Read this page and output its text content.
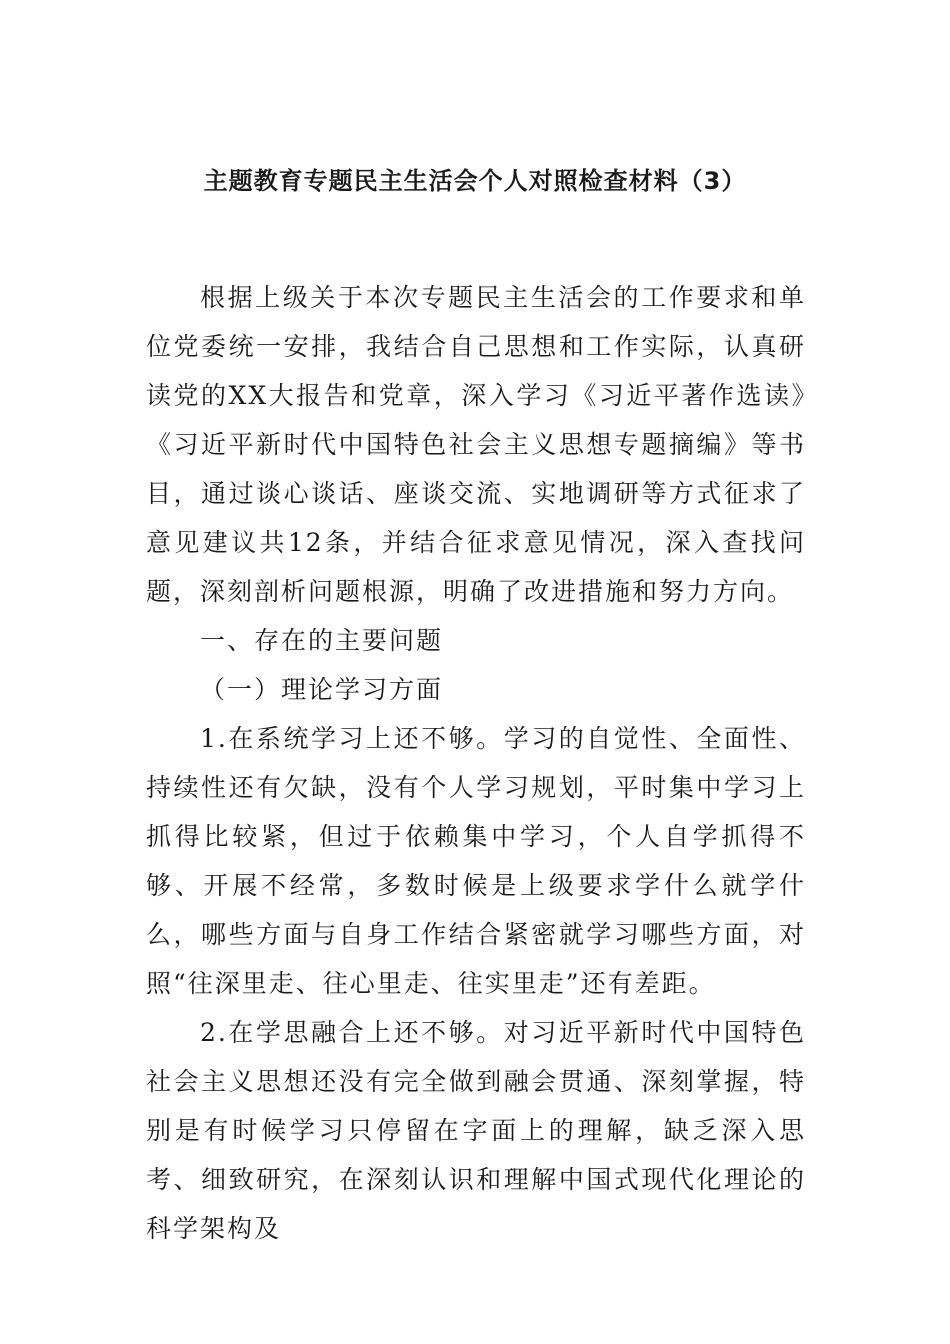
主题教育专题民主生活会个人对照检查材料（3）

根据上级关于本次专题民主生活会的工作要求和单位党委统一安排，我结合自己思想和工作实际，认真研读党的XX大报告和党章，深入学习《习近平著作选读》《习近平新时代中国特色社会主义思想专题摘编》等书目，通过谈心谈话、座谈交流、实地调研等方式征求了意见建议共12条，并结合征求意见情况，深入查找问题，深刻剖析问题根源，明确了改进措施和努力方向。

一、存在的主要问题

（一）理论学习方面

1.在系统学习上还不够。学习的自觉性、全面性、持续性还有欠缺，没有个人学习规划，平时集中学习上抓得比较紧，但过于依赖集中学习，个人自学抓得不够、开展不经常，多数时候是上级要求学什么就学什么，哪些方面与自身工作结合紧密就学习哪些方面，对照“往深里走、往心里走、往实里走”还有差距。

2.在学思融合上还不够。对习近平新时代中国特色社会主义思想还没有完全做到融会贯通、深刻掌握，特别是有时候学习只停留在字面上的理解，缺乏深入思考、细致研究，在深刻认识和理解中国式现代化理论的科学架构及
